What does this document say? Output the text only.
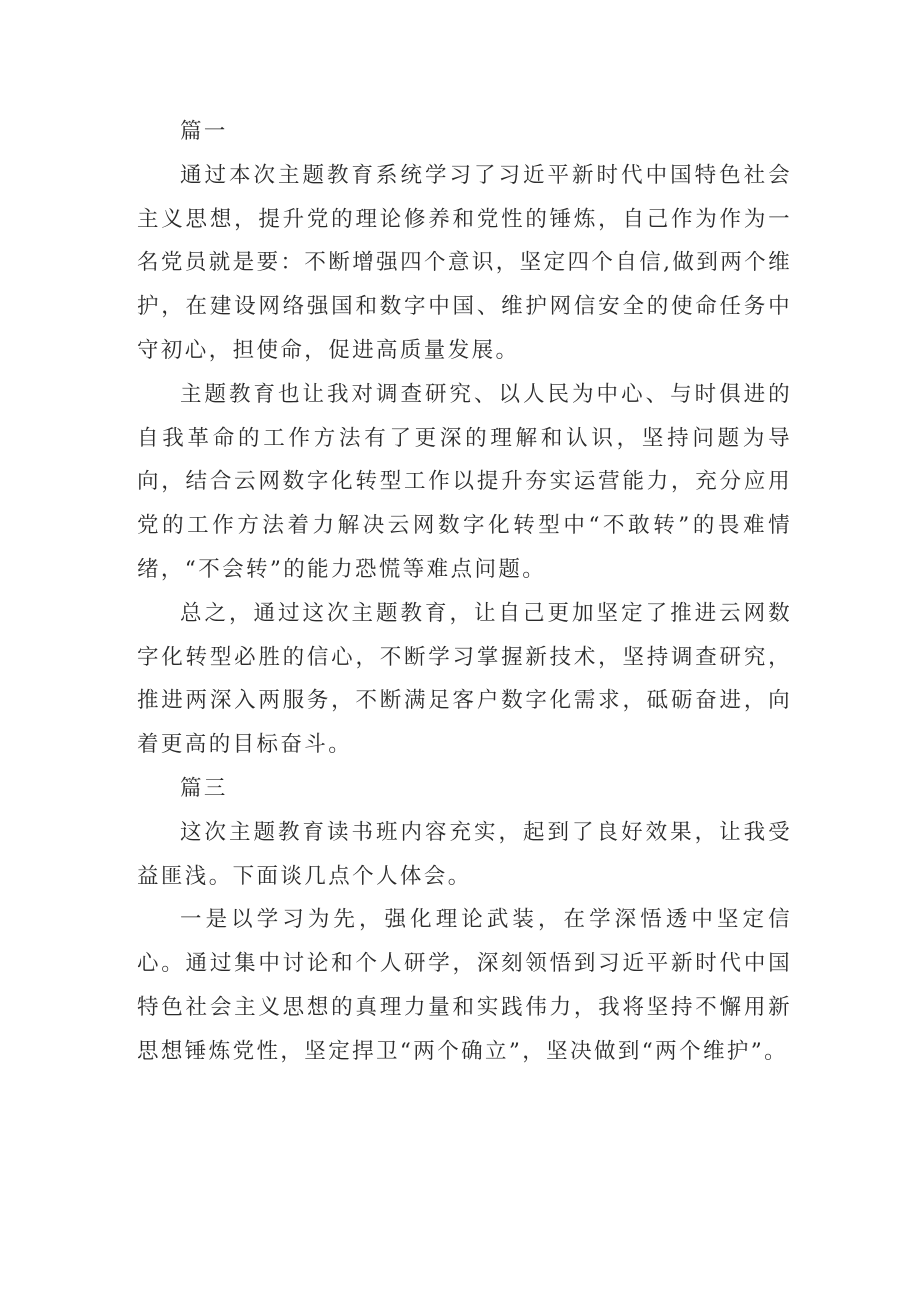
篇一

通过本次主题教育系统学习了习近平新时代中国特色社会主义思想，提升党的理论修养和党性的锤炼，自己作为作为一名党员就是要：不断增强四个意识，坚定四个自信,做到两个维护，在建设网络强国和数字中国、维护网信安全的使命任务中守初心，担使命，促进高质量发展。

主题教育也让我对调查研究、以人民为中心、与时俱进的自我革命的工作方法有了更深的理解和认识，坚持问题为导向，结合云网数字化转型工作以提升夯实运营能力，充分应用党的工作方法着力解决云网数字化转型中“不敢转”的畏难情绪，“不会转”的能力恐慌等难点问题。

总之，通过这次主题教育，让自己更加坚定了推进云网数字化转型必胜的信心，不断学习掌握新技术，坚持调查研究，推进两深入两服务，不断满足客户数字化需求，砥砺奋进，向着更高的目标奋斗。

篇三

这次主题教育读书班内容充实，起到了良好效果，让我受益匪浅。下面谈几点个人体会。

一是以学习为先，强化理论武装，在学深悟透中坚定信心。通过集中讨论和个人研学，深刻领悟到习近平新时代中国特色社会主义思想的真理力量和实践伟力，我将坚持不懈用新思想锤炼党性，坚定捍卫“两个确立”，坚决做到“两个维护”。
